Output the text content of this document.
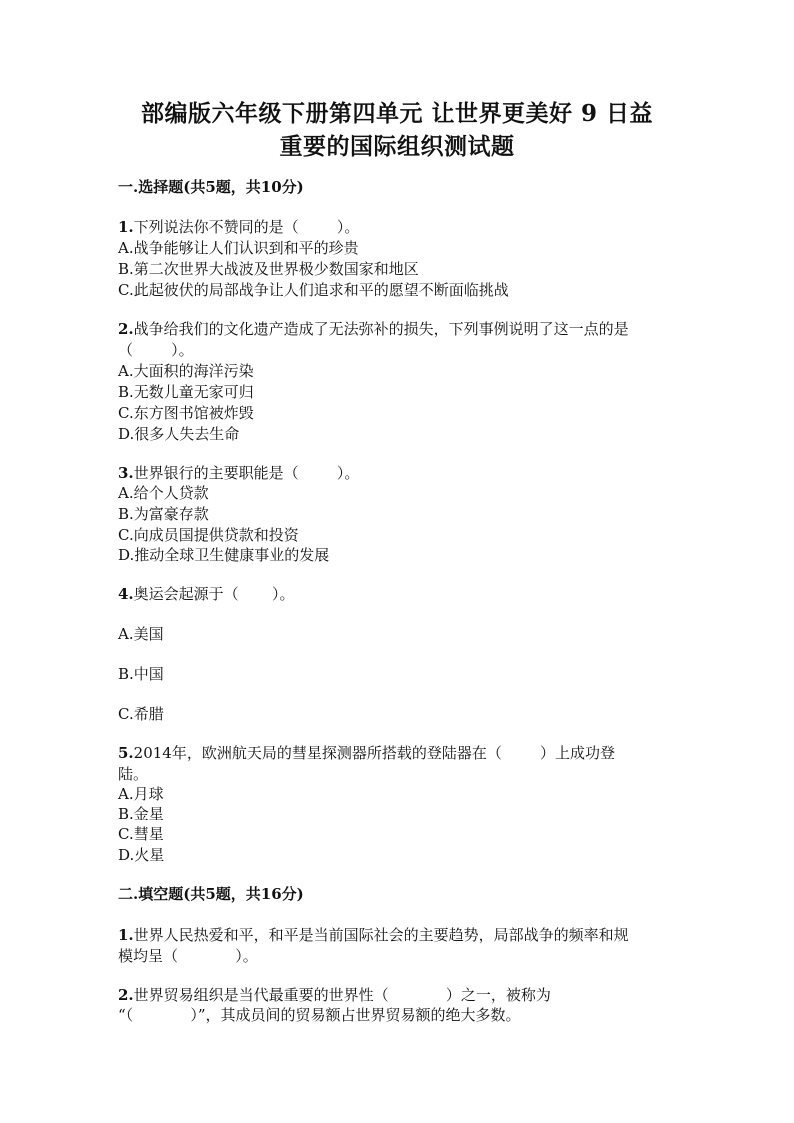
部编版六年级下册第四单元 让世界更美好 9 日益
重要的国际组织测试题
一.选择题(共5题，共10分)
1.下列说法你不赞同的是（        ）。
A.战争能够让人们认识到和平的珍贵
B.第二次世界大战波及世界极少数国家和地区
C.此起彼伏的局部战争让人们追求和平的愿望不断面临挑战
2.战争给我们的文化遗产造成了无法弥补的损失，下列事例说明了这一点的是
（        ）。
A.大面积的海洋污染
B.无数儿童无家可归
C.东方图书馆被炸毁
D.很多人失去生命
3.世界银行的主要职能是（        ）。
A.给个人贷款
B.为富豪存款
C.向成员国提供贷款和投资
D.推动全球卫生健康事业的发展
4.奥运会起源于（       ）。
A.美国
B.中国
C.希腊
5.2014年，欧洲航天局的彗星探测器所搭载的登陆器在（        ）上成功登
陆。
A.月球
B.金星
C.彗星
D.火星
二.填空题(共5题，共16分)
1.世界人民热爱和平，和平是当前国际社会的主要趋势，局部战争的频率和规
模均呈（            ）。
2.世界贸易组织是当代最重要的世界性（            ）之一，被称为
“（            ）”，其成员间的贸易额占世界贸易额的绝大多数。
